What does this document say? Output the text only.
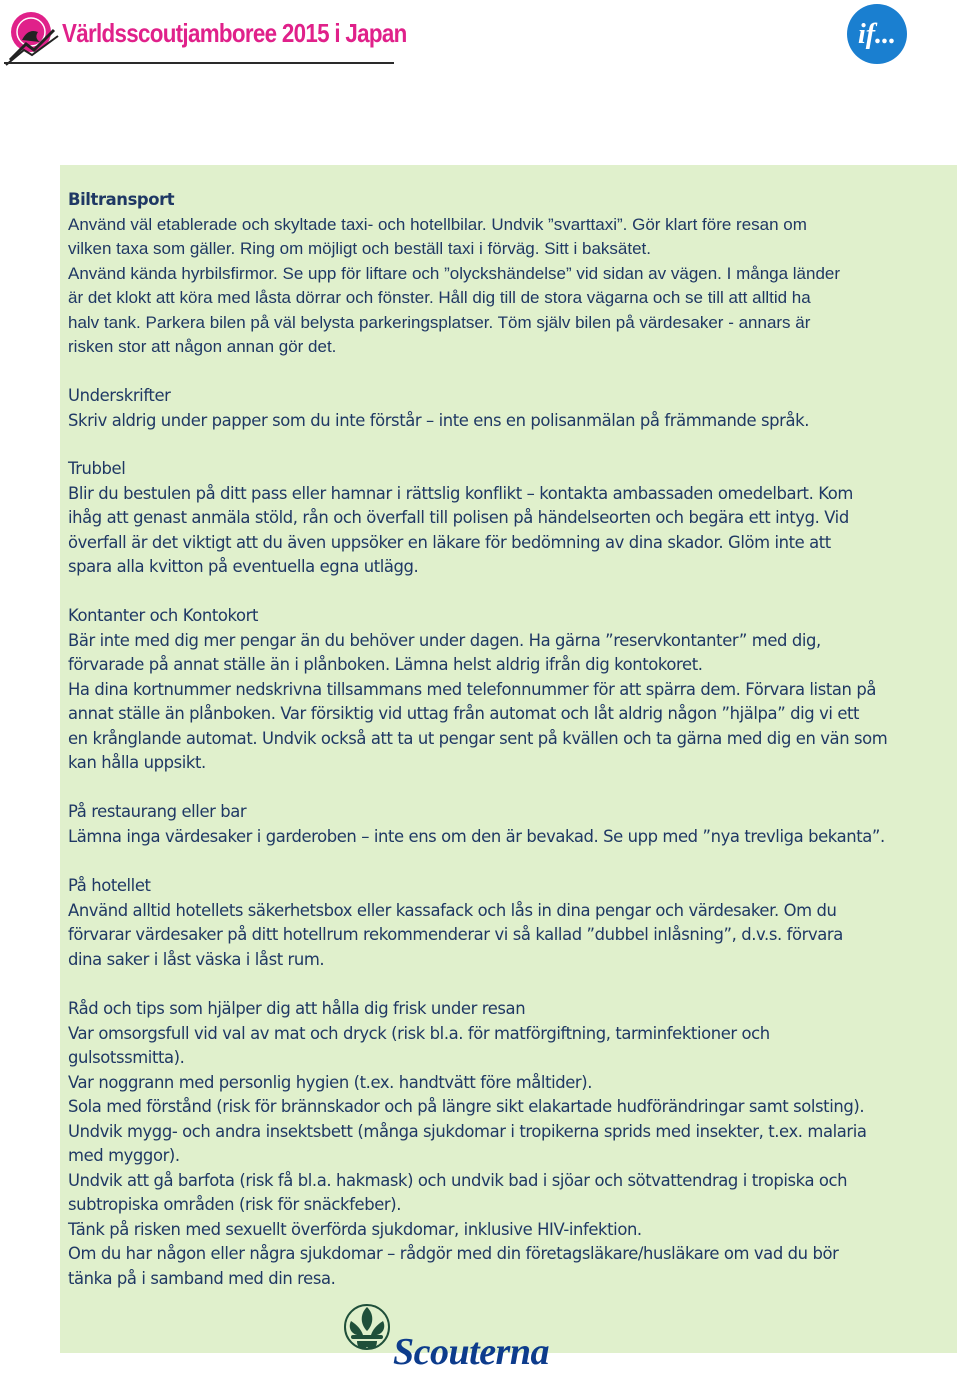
Världsscoutjamboree 2015 i Japan	if...
Biltransport
Använd väl etablerade och skyltade taxi- och hotellbilar. Undvik ”svarttaxi”. Gör klart före resan om
vilken taxa som gäller. Ring om möjligt och beställ taxi i förväg. Sitt i baksätet.
Använd kända hyrbilsfirmor. Se upp för liftare och ”olyckshändelse” vid sidan av vägen. I många länder
är det klokt att köra med låsta dörrar och fönster. Håll dig till de stora vägarna och se till att alltid ha
halv tank. Parkera bilen på väl belysta parkeringsplatser. Töm själv bilen på värdesaker - annars är
risken stor att någon annan gör det.
Underskrifter
Skriv aldrig under papper som du inte förstår – inte ens en polisanmälan på främmande språk.
Trubbel
Blir du bestulen på ditt pass eller hamnar i rättslig konflikt – kontakta ambassaden omedelbart. Kom
ihåg att genast anmäla stöld, rån och överfall till polisen på händelseorten och begära ett intyg. Vid
överfall är det viktigt att du även uppsöker en läkare för bedömning av dina skador. Glöm inte att
spara alla kvitton på eventuella egna utlägg.
Kontanter och Kontokort
Bär inte med dig mer pengar än du behöver under dagen. Ha gärna ”reservkontanter” med dig,
förvarade på annat ställe än i plånboken. Lämna helst aldrig ifrån dig kontokoret.
Ha dina kortnummer nedskrivna tillsammans med telefonnummer för att spärra dem. Förvara listan på
annat ställe än plånboken. Var försiktig vid uttag från automat och låt aldrig någon ”hjälpa” dig vi ett
en krånglande automat. Undvik också att ta ut pengar sent på kvällen och ta gärna med dig en vän som
kan hålla uppsikt.
På restaurang eller bar
Lämna inga värdesaker i garderoben – inte ens om den är bevakad. Se upp med ”nya trevliga bekanta”.
På hotellet
Använd alltid hotellets säkerhetsbox eller kassafack och lås in dina pengar och värdesaker. Om du
förvarar värdesaker på ditt hotellrum rekommenderar vi så kallad ”dubbel inlåsning”, d.v.s. förvara
dina saker i låst väska i låst rum.
Råd och tips som hjälper dig att hålla dig frisk under resan
Var omsorgsfull vid val av mat och dryck (risk bl.a. för matförgiftning, tarminfektioner och
gulsotssmitta).
Var noggrann med personlig hygien (t.ex. handtvätt före måltider).
Sola med förstånd (risk för brännskador och på längre sikt elakartade hudförändringar samt solsting).
Undvik mygg- och andra insektsbett (många sjukdomar i tropikerna sprids med insekter, t.ex. malaria
med myggor).
Undvik att gå barfota (risk få bl.a. hakmask) och undvik bad i sjöar och sötvattendrag i tropiska och
subtropiska områden (risk för snäckfeber).
Tänk på risken med sexuellt överförda sjukdomar, inklusive HIV-infektion.
Om du har någon eller några sjukdomar – rådgör med din företagsläkare/husläkare om vad du bör
tänka på i samband med din resa.
Scouterna
